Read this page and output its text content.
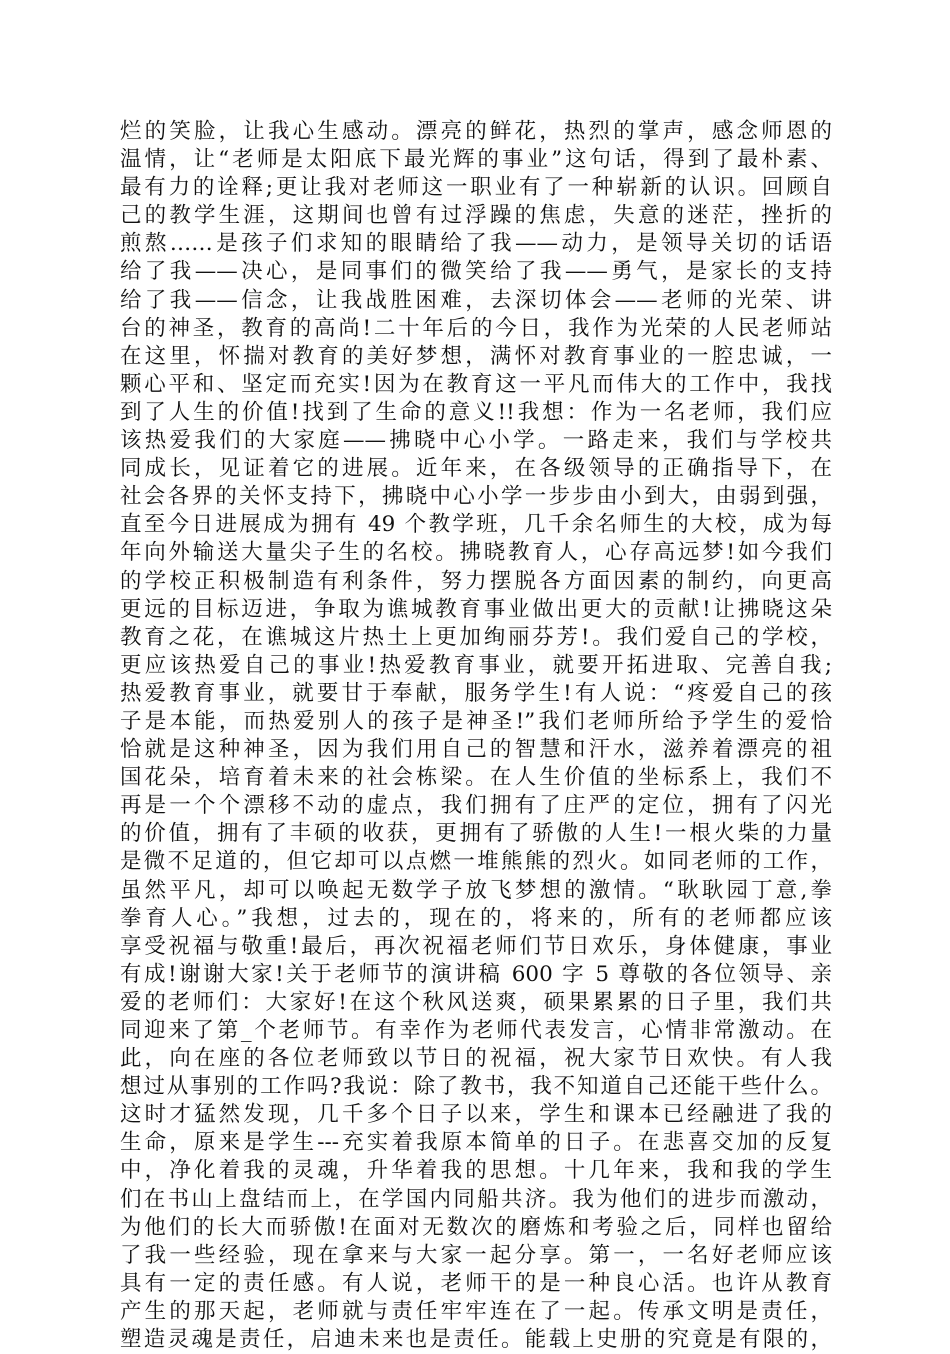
烂的笑脸，让我心生感动。漂亮的鲜花，热烈的掌声，感念师恩的
温情，让“老师是太阳底下最光辉的事业”这句话，得到了最朴素、
最有力的诠释;更让我对老师这一职业有了一种崭新的认识。回顾自
己的教学生涯，这期间也曾有过浮躁的焦虑，失意的迷茫，挫折的
煎熬……是孩子们求知的眼睛给了我——动力，是领导关切的话语
给了我——决心，是同事们的微笑给了我——勇气，是家长的支持
给了我——信念，让我战胜困难，去深切体会——老师的光荣、讲
台的神圣，教育的高尚!二十年后的今日，我作为光荣的人民老师站
在这里，怀揣对教育的美好梦想，满怀对教育事业的一腔忠诚，一
颗心平和、坚定而充实!因为在教育这一平凡而伟大的工作中，我找
到了人生的价值!找到了生命的意义!!我想：作为一名老师，我们应
该热爱我们的大家庭——拂晓中心小学。一路走来，我们与学校共
同成长，见证着它的进展。近年来，在各级领导的正确指导下，在
社会各界的关怀支持下，拂晓中心小学一步步由小到大，由弱到强，
直至今日进展成为拥有 49 个教学班，几千余名师生的大校，成为每
年向外输送大量尖子生的名校。拂晓教育人，心存高远梦!如今我们
的学校正积极制造有利条件，努力摆脱各方面因素的制约，向更高
更远的目标迈进，争取为谯城教育事业做出更大的贡献!让拂晓这朵
教育之花，在谯城这片热土上更加绚丽芬芳!。我们爱自己的学校，
更应该热爱自己的事业!热爱教育事业，就要开拓进取、完善自我;
热爱教育事业，就要甘于奉献，服务学生!有人说：“疼爱自己的孩
子是本能，而热爱别人的孩子是神圣!”我们老师所给予学生的爱恰
恰就是这种神圣，因为我们用自己的智慧和汗水，滋养着漂亮的祖
国花朵，培育着未来的社会栋梁。在人生价值的坐标系上，我们不
再是一个个漂移不动的虚点，我们拥有了庄严的定位，拥有了闪光
的价值，拥有了丰硕的收获，更拥有了骄傲的人生!一根火柴的力量
是微不足道的，但它却可以点燃一堆熊熊的烈火。如同老师的工作，
虽然平凡，却可以唤起无数学子放飞梦想的激情。“耿耿园丁意,拳
拳育人心。”我想，过去的，现在的，将来的，所有的老师都应该
享受祝福与敬重!最后，再次祝福老师们节日欢乐，身体健康，事业
有成!谢谢大家!关于老师节的演讲稿 600 字 5 尊敬的各位领导、亲
爱的老师们：大家好!在这个秋风送爽，硕果累累的日子里，我们共
同迎来了第_个老师节。有幸作为老师代表发言，心情非常激动。在
此，向在座的各位老师致以节日的祝福，祝大家节日欢快。有人我
想过从事别的工作吗?我说：除了教书，我不知道自己还能干些什么。
这时才猛然发现，几千多个日子以来，学生和课本已经融进了我的
生命，原来是学生---充实着我原本简单的日子。在悲喜交加的反复
中，净化着我的灵魂，升华着我的思想。十几年来，我和我的学生
们在书山上盘结而上，在学国内同船共济。我为他们的进步而激动，
为他们的长大而骄傲!在面对无数次的磨炼和考验之后，同样也留给
了我一些经验，现在拿来与大家一起分享。第一，一名好老师应该
具有一定的责任感。有人说，老师干的是一种良心活。也许从教育
产生的那天起，老师就与责任牢牢连在了一起。传承文明是责任，
塑造灵魂是责任，启迪未来也是责任。能载上史册的究竟是有限的，
